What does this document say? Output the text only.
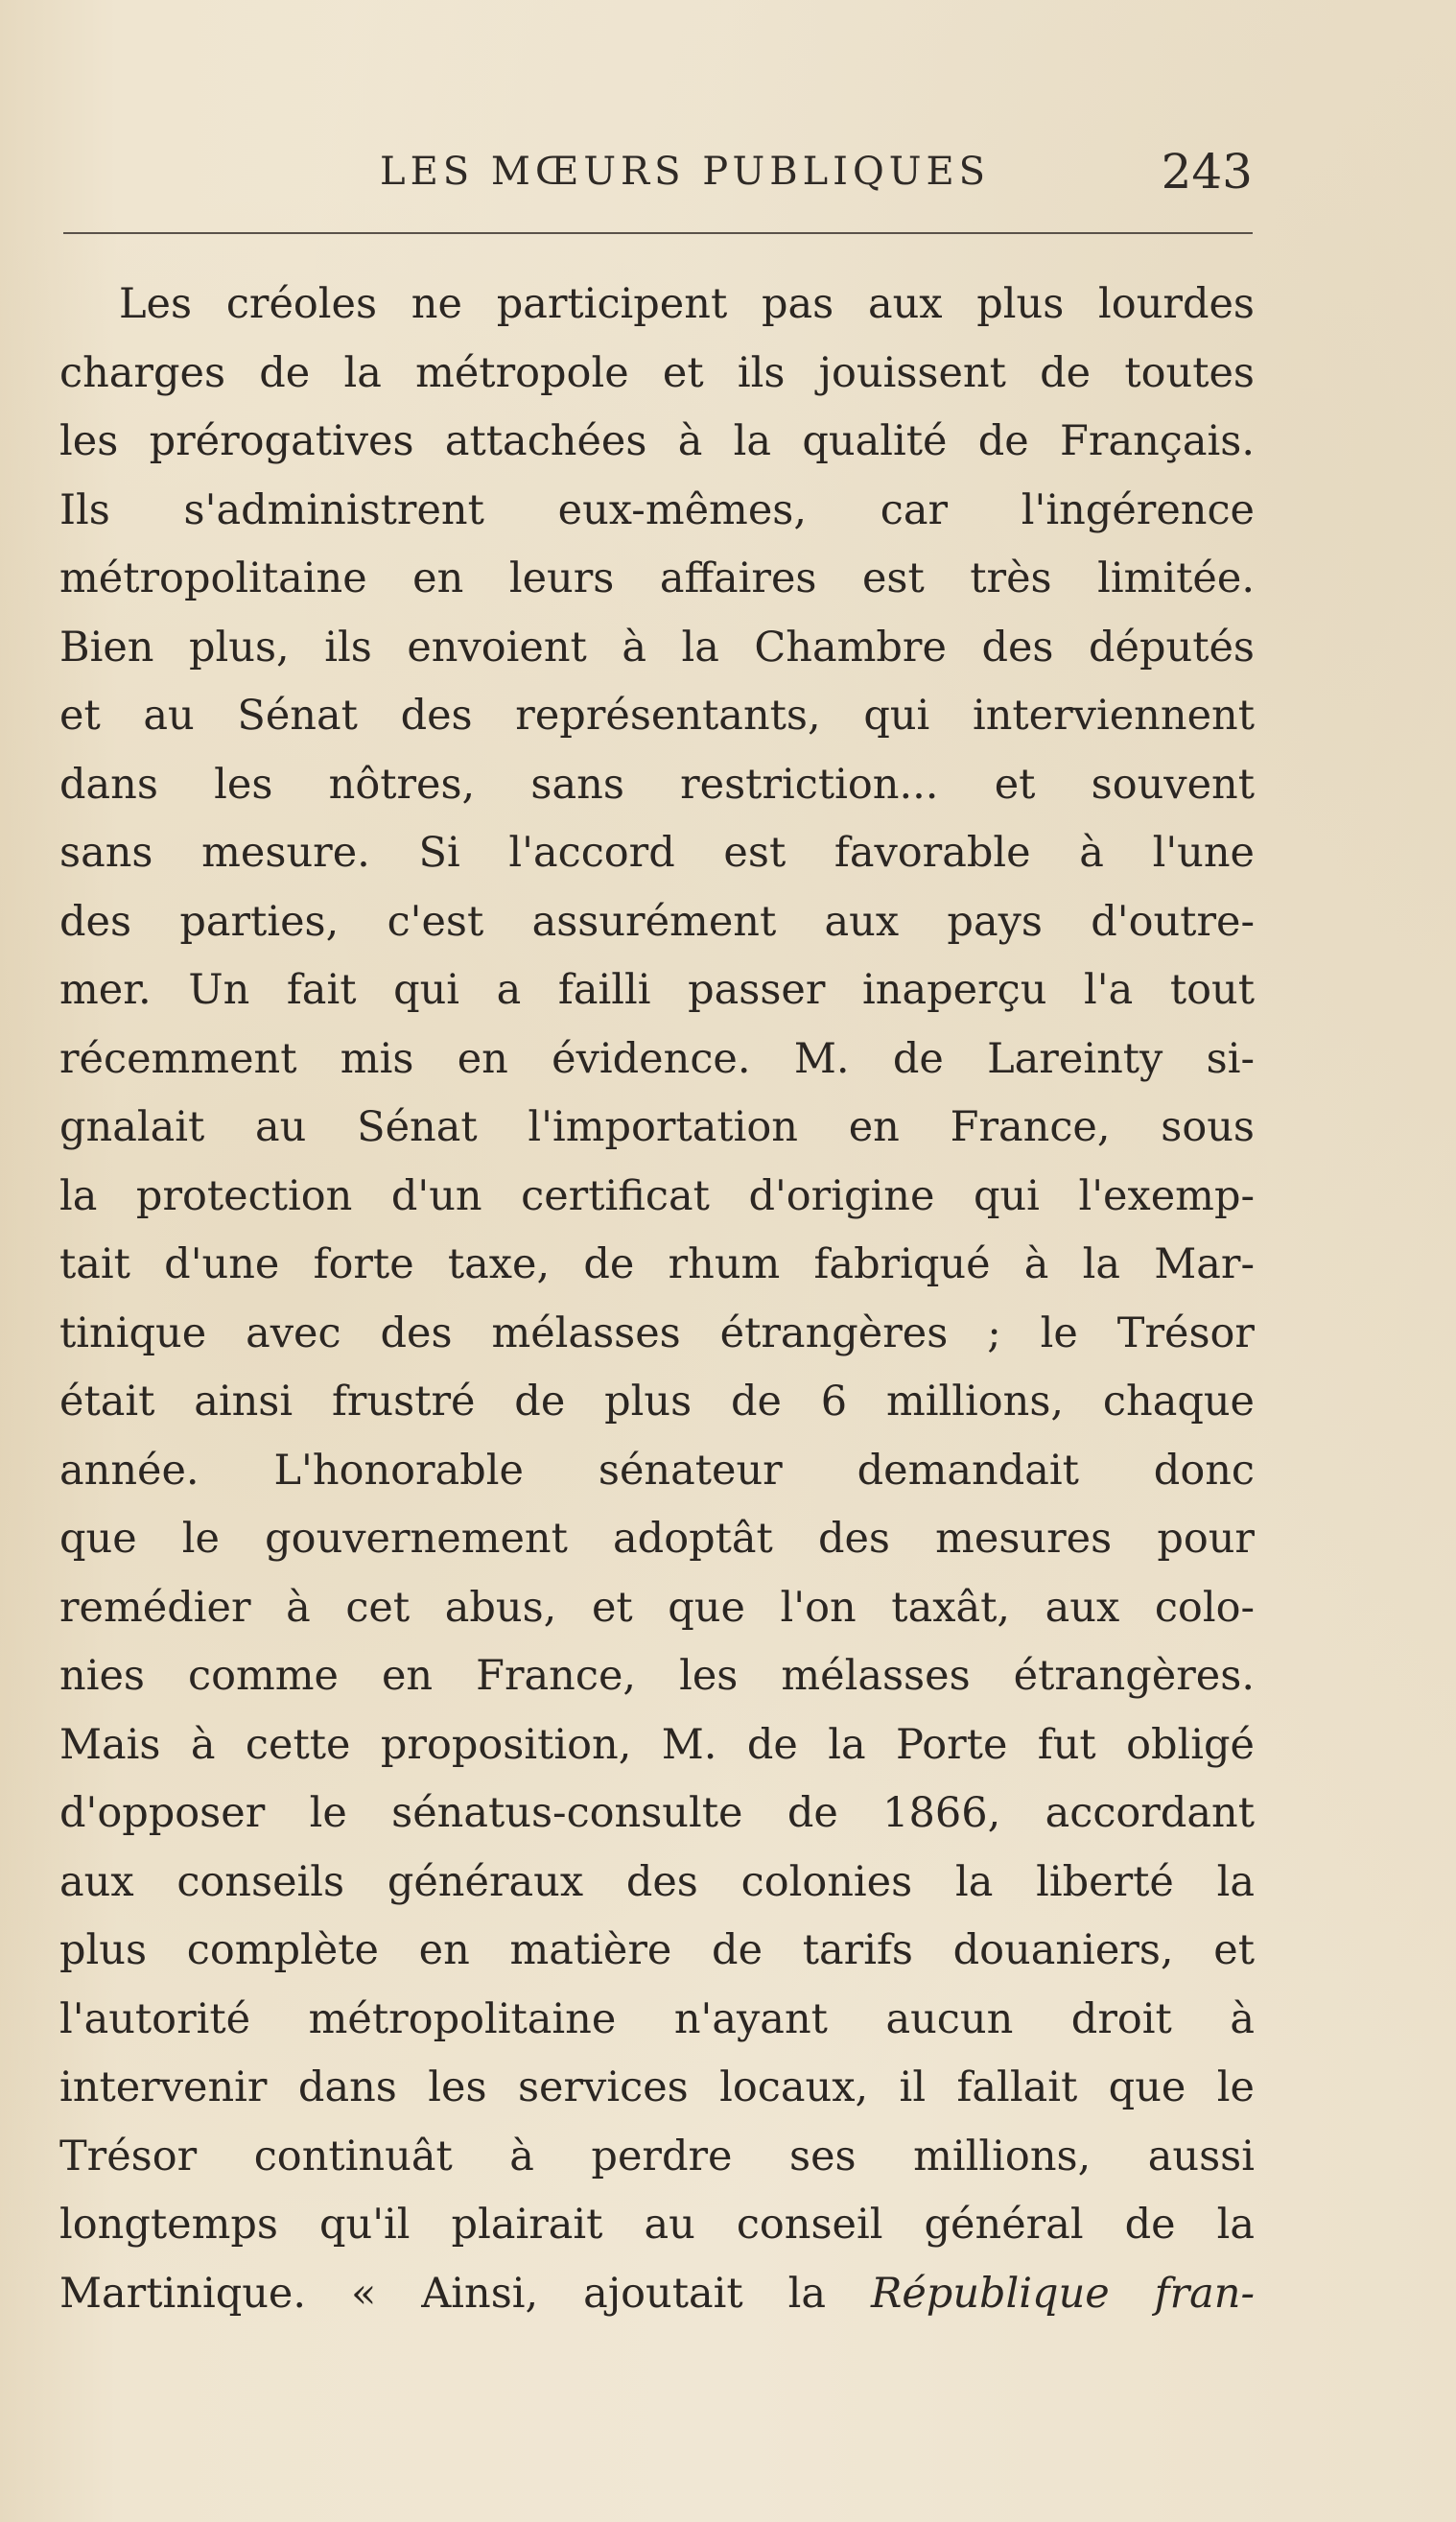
LES MŒURS PUBLIQUES	243
Les créoles ne participent pas aux plus lourdes
charges de la métropole et ils jouissent de toutes
les prérogatives attachées à la qualité de Français.
Ils s'administrent eux-mêmes, car l'ingérence
métropolitaine en leurs affaires est très limitée.
Bien plus, ils envoient à la Chambre des députés
et au Sénat des représentants, qui interviennent
dans les nôtres, sans restriction... et souvent
sans mesure. Si l'accord est favorable à l'une
des parties, c'est assurément aux pays d'outre-
mer. Un fait qui a failli passer inaperçu l'a tout
récemment mis en évidence. M. de Lareinty si-
gnalait au Sénat l'importation en France, sous
la protection d'un certificat d'origine qui l'exemp-
tait d'une forte taxe, de rhum fabriqué à la Mar-
tinique avec des mélasses étrangères ; le Trésor
était ainsi frustré de plus de 6 millions, chaque
année. L'honorable sénateur demandait donc
que le gouvernement adoptât des mesures pour
remédier à cet abus, et que l'on taxât, aux colo-
nies comme en France, les mélasses étrangères.
Mais à cette proposition, M. de la Porte fut obligé
d'opposer le sénatus-consulte de 1866, accordant
aux conseils généraux des colonies la liberté la
plus complète en matière de tarifs douaniers, et
l'autorité métropolitaine n'ayant aucun droit à
intervenir dans les services locaux, il fallait que le
Trésor continuât à perdre ses millions, aussi
longtemps qu'il plairait au conseil général de la
Martinique. « Ainsi, ajoutait la République fran-
